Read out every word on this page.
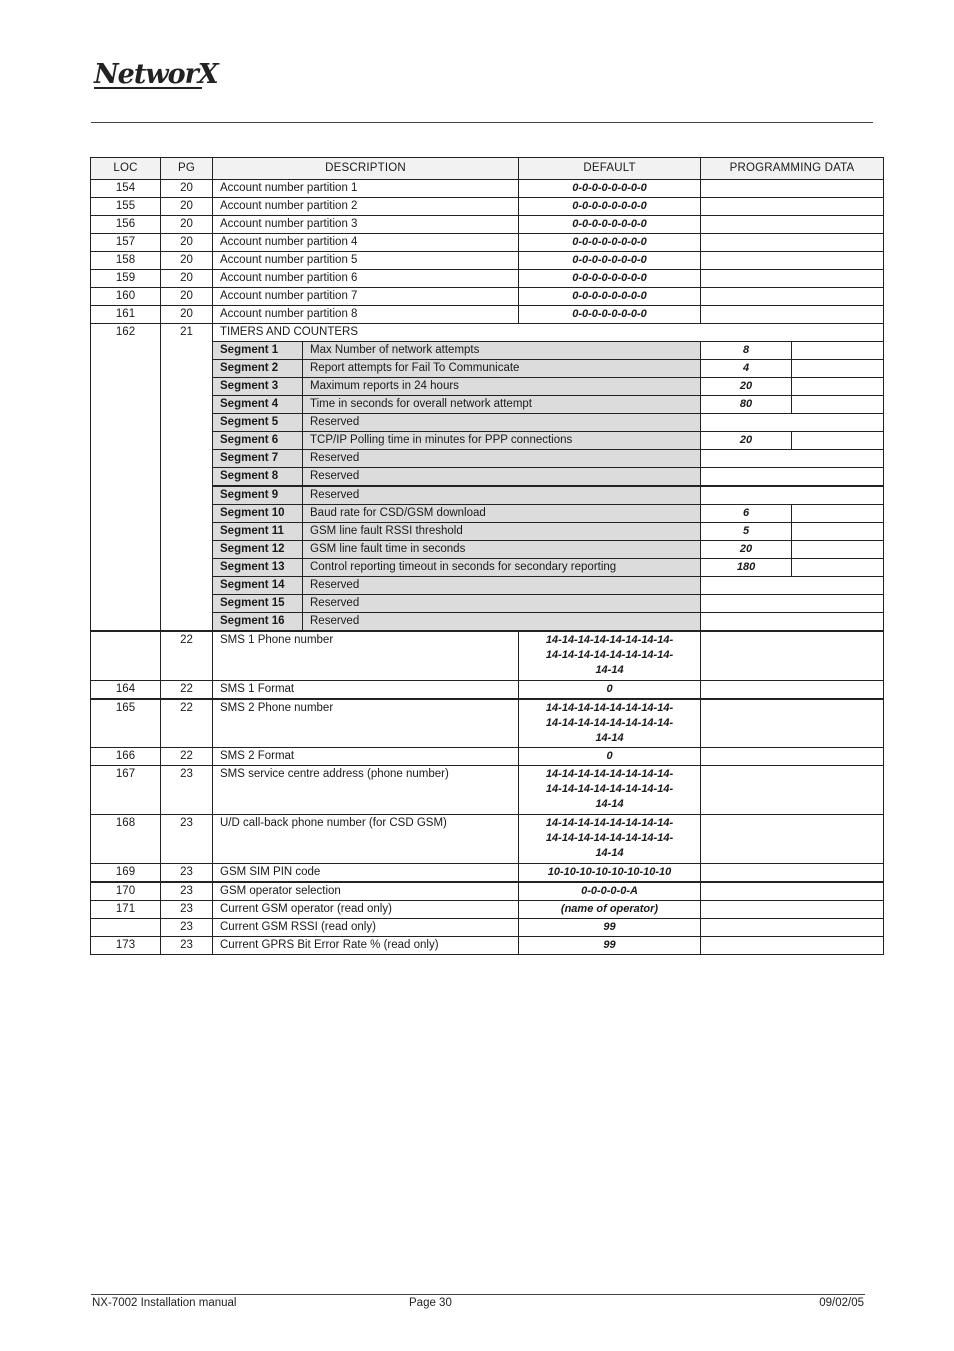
NetworX
LOC	PG	DESCRIPTION		DEFAULT	PROGRAMMING DATA	
154	20	Account number partition 1		0-0-0-0-0-0-0-0		
155	20	Account number partition 2		0-0-0-0-0-0-0-0		
156	20	Account number partition 3		0-0-0-0-0-0-0-0		
157	20	Account number partition 4		0-0-0-0-0-0-0-0		
158	20	Account number partition 5		0-0-0-0-0-0-0-0		
159	20	Account number partition 6		0-0-0-0-0-0-0-0		
160	20	Account number partition 7		0-0-0-0-0-0-0-0		
161	20	Account number partition 8		0-0-0-0-0-0-0-0		
162	21	TIMERS AND COUNTERS				
		Segment 1	Max Number of network attempts		8	
		Segment 2	Report attempts for Fail To Communicate		4	
		Segment 3	Maximum reports in 24 hours		20	
		Segment 4	Time in seconds for overall network attempt		80	
		Segment 5	Reserved			
		Segment 6	TCP/IP Polling time in minutes for PPP connections		20	
		Segment 7	Reserved			
		Segment 8	Reserved			
		Segment 9	Reserved			
		Segment 10	Baud rate for CSD/GSM download		6	
		Segment 11	GSM line fault RSSI threshold		5	
		Segment 12	GSM line fault time in seconds		20	
		Segment 13	Control reporting timeout in seconds for secondary reporting		180	
		Segment 14	Reserved			
		Segment 15	Reserved			
		Segment 16	Reserved			
	22	SMS 1 Phone number		14-14-14-14-14-14-14-14-
14-14-14-14-14-14-14-14-
14-14		

164	22	SMS 1 Format		0		
165	22	SMS 2 Phone number		14-14-14-14-14-14-14-14-
14-14-14-14-14-14-14-14-
14-14		

166	22	SMS 2 Format		0		
167	23	SMS service centre address (phone number)		14-14-14-14-14-14-14-14-
14-14-14-14-14-14-14-14-
14-14		

168	23	U/D call-back phone number (for CSD GSM)		14-14-14-14-14-14-14-14-
14-14-14-14-14-14-14-14-
14-14		

169	23	GSM SIM PIN code		10-10-10-10-10-10-10-10		
170	23	GSM operator selection		0-0-0-0-0-A		
171	23	Current GSM operator (read only)		(name of operator)		
	23	Current GSM RSSI (read only)		99		
173	23	Current GPRS Bit Error Rate % (read only)		99		
NX-7002 Installation manual	Page 30	09/02/05
